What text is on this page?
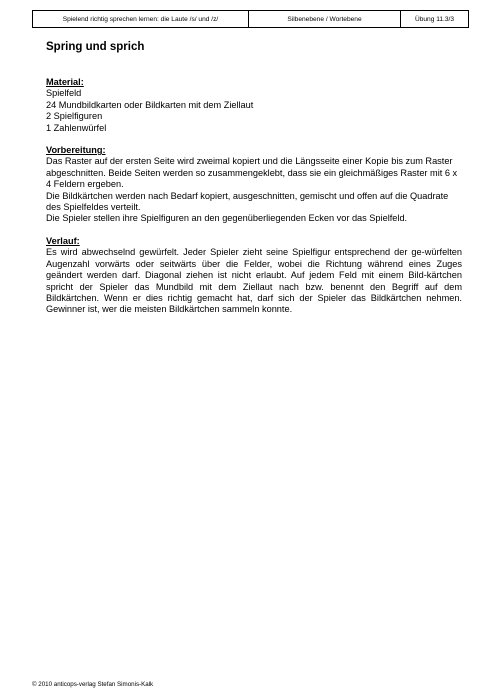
Spielend richtig sprechen lernen: die Laute /s/ und /z/	Silbenebene / Wortebene	Übung 11.3/3
Spring und sprich

Material:

Spielfeld

24 Mundbildkarten oder Bildkarten mit dem Ziellaut

2 Spielfiguren

1 Zahlenwürfel

Vorbereitung:

Das Raster auf der ersten Seite wird zweimal kopiert und die Längsseite einer Kopie bis zum Raster abgeschnitten. Beide Seiten werden so zusammengeklebt, dass sie ein gleichmäßiges Raster mit 6 x 4 Feldern ergeben.

Die Bildkärtchen werden nach Bedarf kopiert, ausgeschnitten, gemischt und offen auf die Quadrate des Spielfeldes verteilt.

Die Spieler stellen ihre Spielfiguren an den gegenüberliegenden Ecken vor das Spielfeld.

Verlauf:

Es wird abwechselnd gewürfelt. Jeder Spieler zieht seine Spielfigur entsprechend der ge-würfelten Augenzahl vorwärts oder seitwärts über die Felder, wobei die Richtung während eines Zuges geändert werden darf. Diagonal ziehen ist nicht erlaubt. Auf jedem Feld mit einem Bild-kärtchen spricht der Spieler das Mundbild mit dem Ziellaut nach bzw. benennt den Begriff auf dem Bildkärtchen. Wenn er dies richtig gemacht hat, darf sich der Spieler das Bildkärtchen nehmen. Gewinner ist, wer die meisten Bildkärtchen sammeln konnte.

© 2010 anticops-verlag Stefan Simonis-Kalk
